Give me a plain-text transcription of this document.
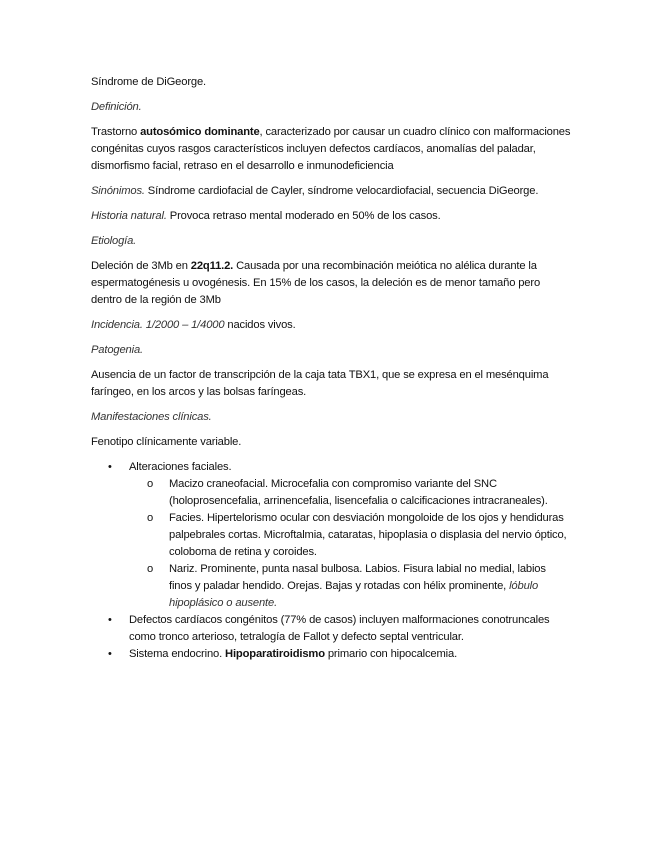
Síndrome de DiGeorge.

Definición.

Trastorno autosómico dominante, caracterizado por causar un cuadro clínico con malformaciones congénitas cuyos rasgos característicos incluyen defectos cardíacos, anomalías del paladar, dismorfismo facial, retraso en el desarrollo e inmunodeficiencia

Sinónimos. Síndrome cardiofacial de Cayler, síndrome velocardiofacial, secuencia DiGeorge.

Historia natural. Provoca retraso mental moderado en 50% de los casos.

Etiología.

Deleción de 3Mb en 22q11.2. Causada por una recombinación meiótica no alélica durante la espermatogénesis u ovogénesis. En 15% de los casos, la deleción es de menor tamaño pero dentro de la región de 3Mb

Incidencia. 1/2000 – 1/4000 nacidos vivos.

Patogenia.

Ausencia de un factor de transcripción de la caja tata TBX1, que se expresa en el mesénquima faríngeo, en los arcos y las bolsas faríngeas.

Manifestaciones clínicas.

Fenotipo clínicamente variable.

• Alteraciones faciales.
o Macizo craneofacial. Microcefalia con compromiso variante del SNC (holoprosencefalia, arrinencefalia, lisencefalia o calcificaciones intracraneales).
o Facies. Hipertelorismo ocular con desviación mongoloide de los ojos y hendiduras palpebrales cortas. Microftalmia, cataratas, hipoplasia o displasia del nervio óptico, coloboma de retina y coroides.
o Nariz. Prominente, punta nasal bulbosa. Labios. Fisura labial no medial, labios finos y paladar hendido. Orejas. Bajas y rotadas con hélix prominente, lóbulo hipoplásico o ausente.
• Defectos cardíacos congénitos (77% de casos) incluyen malformaciones conotruncales como tronco arterioso, tetralogía de Fallot y defecto septal ventricular.
• Sistema endocrino. Hipoparatiroidismo primario con hipocalcemia.
